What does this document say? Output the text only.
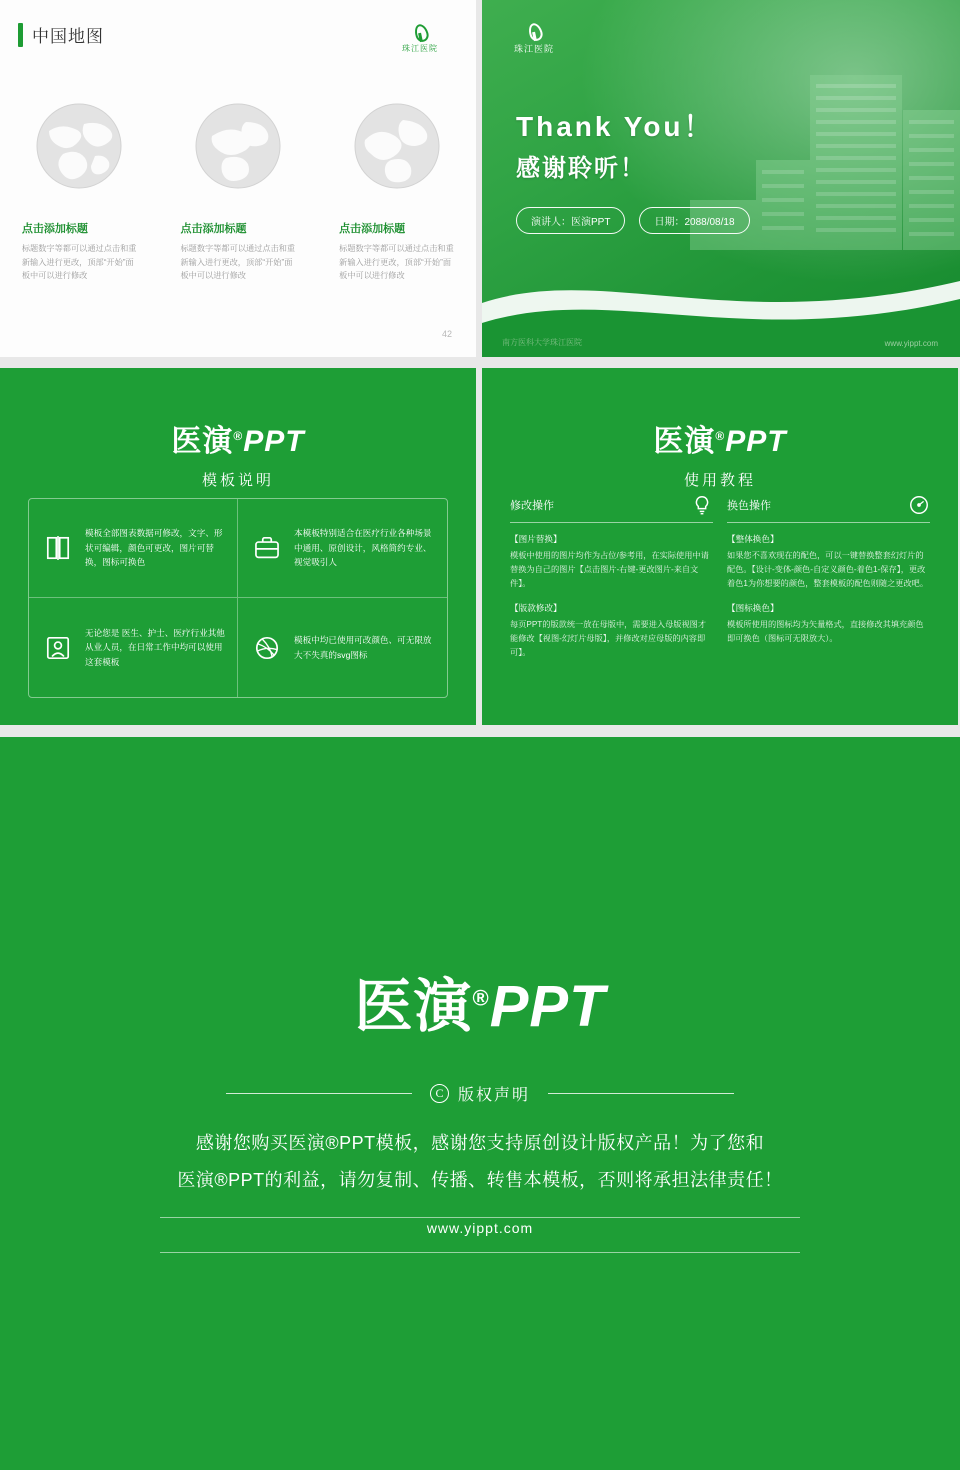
中国地图
珠江医院
点击添加标题
标题数字等都可以通过点击和重新输入进行更改，顶部“开始”面板中可以进行修改
点击添加标题
标题数字等都可以通过点击和重新输入进行更改，顶部“开始”面板中可以进行修改
点击添加标题
标题数字等都可以通过点击和重新输入进行更改，顶部“开始”面板中可以进行修改
42
珠江医院
Thank You！
感谢聆听！
演讲人：医演PPT	日期：2088/08/18
南方医科大学珠江医院	www.yippt.com
医演®PPT
模板说明
模板全部图表数据可修改，文字、形状可编辑，颜色可更改，图片可替换，图标可换色
本模板特别适合在医疗行业各种场景中通用、原创设计，风格简约专业、视觉吸引人
无论您是 医生、护士、医疗行业其他从业人员，在日常工作中均可以使用这套模板
模板中均已使用可改颜色、可无限放大不失真的svg图标
医演®PPT
使用教程
修改操作
【图片替换】
模板中使用的图片均作为占位/参考用，在实际使用中请替换为自己的图片【点击图片-右键-更改图片-来自文件】。
【版款修改】
每页PPT的版款统一放在母版中，需要进入母版视图才能修改【视图-幻灯片母版】，并修改对应母版的内容即可】。
换色操作
【整体换色】
如果您不喜欢现在的配色，可以一键替换整套幻灯片的配色。【设计-变体-颜色-自定义颜色-着色1-保存】，更改着色1为你想要的颜色，整套模板的配色则随之更改吧。
【图标换色】
模板所使用的图标均为矢量格式，直接修改其填充颜色即可换色（图标可无限放大）。
医演®PPT
C 版权声明
感谢您购买医演®PPT模板，感谢您支持原创设计版权产品！为了您和
医演®PPT的利益，请勿复制、传播、转售本模板，否则将承担法律责任！
www.yippt.com
